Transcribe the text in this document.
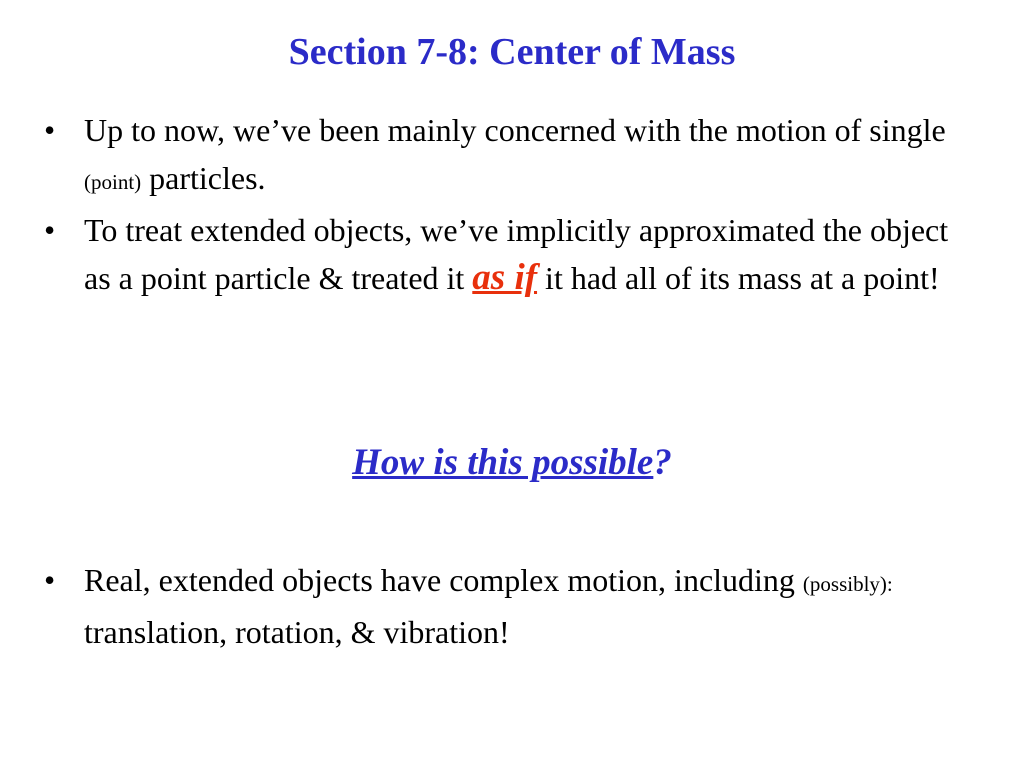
Section 7-8: Center of Mass
• Up to now, we’ve been mainly concerned with the motion of single (point) particles.
• To treat extended objects, we’ve implicitly approximated the object as a point particle & treated it as if it had all of its mass at a point!
How is this possible?
• Real, extended objects have complex motion, including (possibly): translation, rotation, & vibration!
